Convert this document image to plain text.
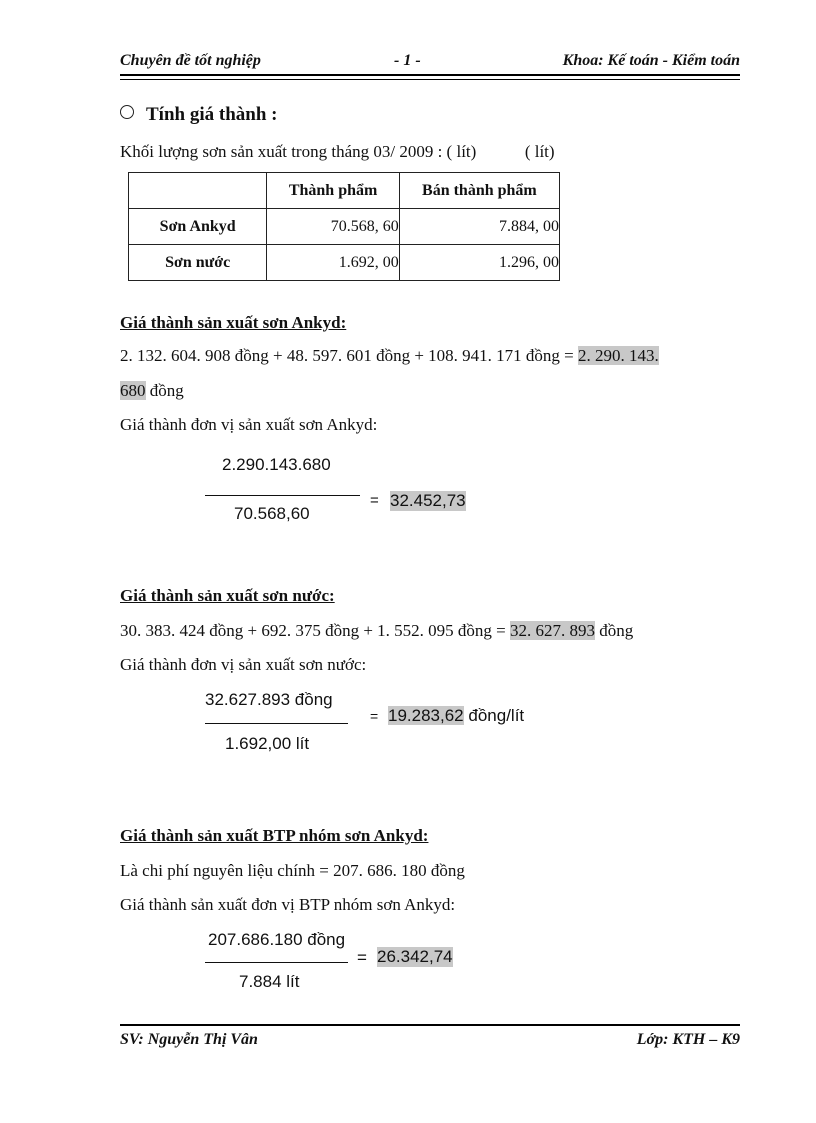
Chuyên đề tốt nghiệp	- 1 -	Khoa: Kế toán - Kiểm toán
Tính giá thành :
Khối lượng sơn sản xuất trong tháng 03/ 2009 : ( lít)	( lít)
	Thành phẩm	Bán thành phẩm
Sơn Ankyd	70.568, 60	7.884, 00
Sơn nước	1.692, 00	1.296, 00
Giá thành sản xuất sơn Ankyd:
2. 132. 604. 908 đồng + 48. 597. 601 đồng + 108. 941. 171 đồng = 2. 290. 143.
680 đồng
Giá thành đơn vị sản xuất sơn Ankyd:
2.290.143.680
70.568,60
= 32.452,73
Giá thành sản xuất sơn nước:
30. 383. 424 đồng + 692. 375 đồng + 1. 552. 095 đồng = 32. 627. 893 đồng
Giá thành đơn vị sản xuất sơn nước:
32.627.893 đồng
1.692,00 lít
= 19.283,62 đồng/lít
Giá thành sản xuất BTP nhóm sơn Ankyd:
Là chi phí nguyên liệu chính = 207. 686. 180 đồng
Giá thành sản xuất đơn vị BTP nhóm sơn Ankyd:
207.686.180 đồng
7.884 lít
= 26.342,74
SV: Nguyễn Thị Vân	Lớp: KTH – K9
